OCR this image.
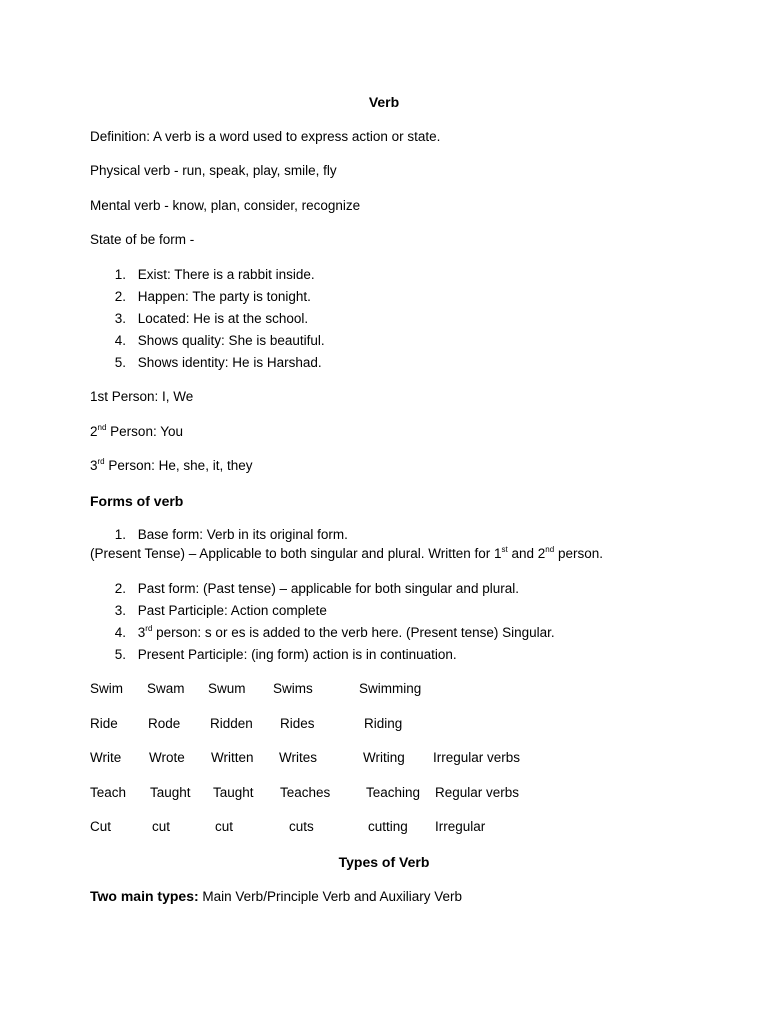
Verb
Definition: A verb is a word used to express action or state.
Physical verb - run, speak, play, smile, fly
Mental verb - know, plan, consider, recognize
State of be form -
1. Exist: There is a rabbit inside.
2. Happen: The party is tonight.
3. Located: He is at the school.
4. Shows quality: She is beautiful.
5. Shows identity: He is Harshad.
1st Person: I, We
2nd Person: You
3rd Person: He, she, it, they
Forms of verb
1. Base form: Verb in its original form.
(Present Tense) – Applicable to both singular and plural. Written for 1st and 2nd person.
2. Past form: (Past tense) – applicable for both singular and plural.
3. Past Participle: Action complete
4. 3rd person: s or es is added to the verb here. (Present tense) Singular.
5. Present Participle: (ing form) action is in continuation.
Swim Swam Swum Swims	Swimming
Ride Rode Ridden Rides	Riding
Write Wrote Written Writes	Writing Irregular verbs
Teach Taught Taught Teaches	Teaching Regular verbs
Cut	cut	cut	cuts	cutting Irregular
Types of Verb
Two main types: Main Verb/Principle Verb and Auxiliary Verb
